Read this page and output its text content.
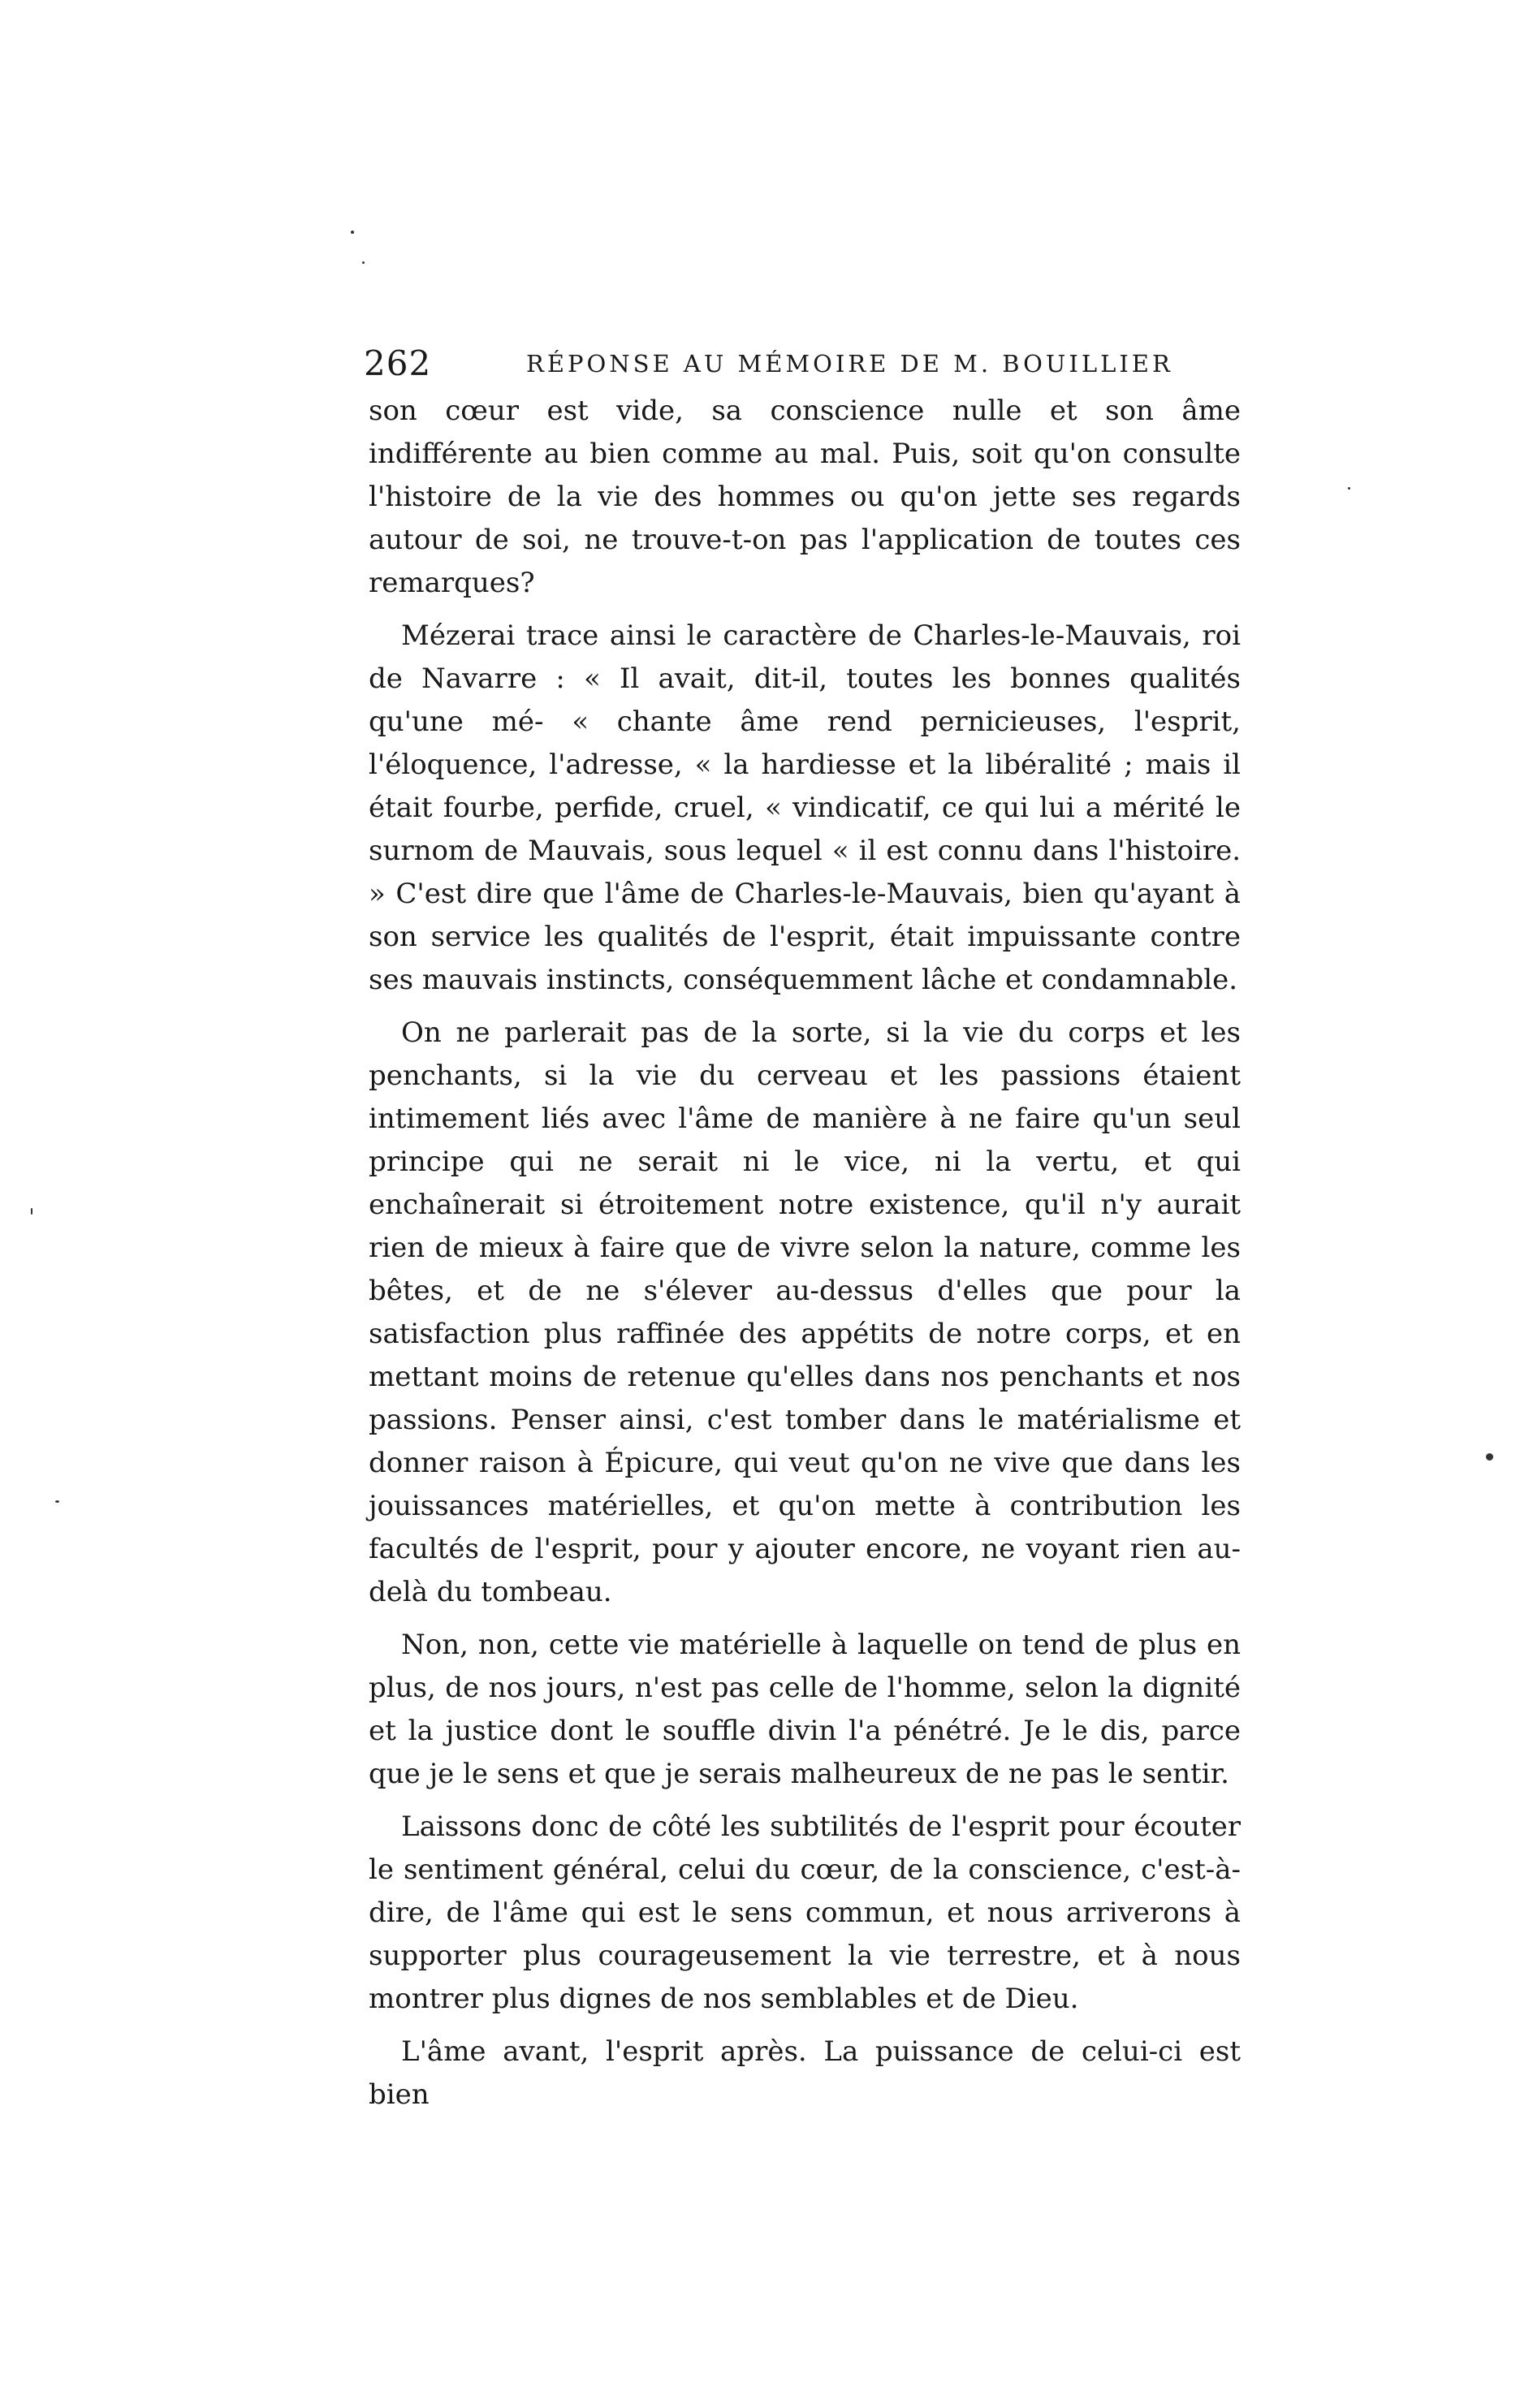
262	RÉPONSE AU MÉMOIRE DE M. BOUILLIER

son cœur est vide, sa conscience nulle et son âme indifférente au bien comme au mal. Puis, soit qu'on consulte l'histoire de la vie des hommes ou qu'on jette ses regards autour de soi, ne trouve-t-on pas l'application de toutes ces remarques?

Mézerai trace ainsi le caractère de Charles-le-Mauvais, roi de Navarre : « Il avait, dit-il, toutes les bonnes qualités qu'une mé- « chante âme rend pernicieuses, l'esprit, l'éloquence, l'adresse, « la hardiesse et la libéralité ; mais il était fourbe, perfide, cruel, « vindicatif, ce qui lui a mérité le surnom de Mauvais, sous lequel « il est connu dans l'histoire. » C'est dire que l'âme de Charles-le-Mauvais, bien qu'ayant à son service les qualités de l'esprit, était impuissante contre ses mauvais instincts, conséquemment lâche et condamnable.

On ne parlerait pas de la sorte, si la vie du corps et les penchants, si la vie du cerveau et les passions étaient intimement liés avec l'âme de manière à ne faire qu'un seul principe qui ne serait ni le vice, ni la vertu, et qui enchaînerait si étroitement notre existence, qu'il n'y aurait rien de mieux à faire que de vivre selon la nature, comme les bêtes, et de ne s'élever au-dessus d'elles que pour la satisfaction plus raffinée des appétits de notre corps, et en mettant moins de retenue qu'elles dans nos penchants et nos passions. Penser ainsi, c'est tomber dans le matérialisme et donner raison à Épicure, qui veut qu'on ne vive que dans les jouissances matérielles, et qu'on mette à contribution les facultés de l'esprit, pour y ajouter encore, ne voyant rien au-delà du tombeau.

Non, non, cette vie matérielle à laquelle on tend de plus en plus, de nos jours, n'est pas celle de l'homme, selon la dignité et la justice dont le souffle divin l'a pénétré. Je le dis, parce que je le sens et que je serais malheureux de ne pas le sentir.

Laissons donc de côté les subtilités de l'esprit pour écouter le sentiment général, celui du cœur, de la conscience, c'est-à-dire, de l'âme qui est le sens commun, et nous arriverons à supporter plus courageusement la vie terrestre, et à nous montrer plus dignes de nos semblables et de Dieu.

L'âme avant, l'esprit après. La puissance de celui-ci est bien
